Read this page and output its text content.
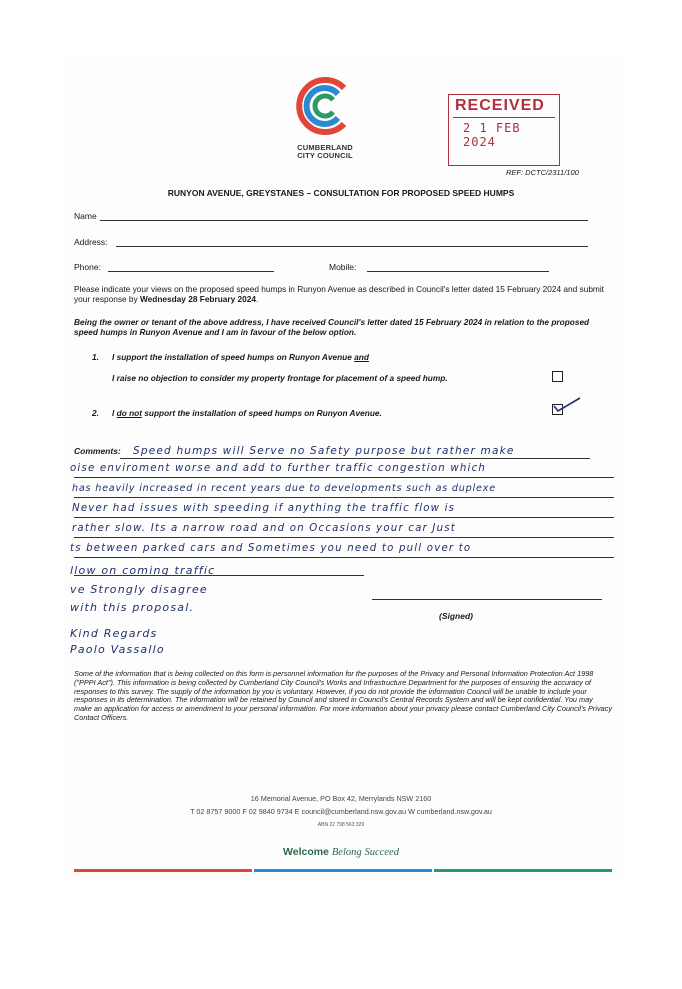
CUMBERLAND
CITY COUNCIL
RECEIVED
2 1 FEB 2024
REF: DCTC/2311/100
RUNYON AVENUE, GREYSTANES – CONSULTATION FOR PROPOSED SPEED HUMPS
Name
Address:
Phone:	Mobile:
Please indicate your views on the proposed speed humps in Runyon Avenue as described in Council's letter dated 15 February 2024 and submit your response by Wednesday 28 February 2024.
Being the owner or tenant of the above address, I have received Council's letter dated 15 February 2024 in relation to the proposed speed humps in Runyon Avenue and I am in favour of the below option.
1. I support the installation of speed humps on Runyon Avenue and
I raise no objection to consider my property frontage for placement of a speed hump.
2. I do not support the installation of speed humps on Runyon Avenue.
Comments: Speed humps will Serve no Safety purpose but rather make
oise enviroment worse and add to further traffic congestion which
has heavily increased in recent years due to developments such as duplexe
Never had issues with speeding if anything the traffic flow is
rather slow. Its a narrow road and on Occasions your car Just
ts between parked cars and Sometimes you need to pull over to
llow on coming traffic
ve Strongly disagree
with this proposal.
Kind Regards
Paolo Vassallo
(Signed)
Some of the information that is being collected on this form is personnel information for the purposes of the Privacy and Personal Information Protection Act 1998 ("PPPI Act"). This information is being collected by Cumberland City Council's Works and Infrastructure Department for the purposes of ensuring the accuracy of responses to this survey. The supply of the information by you is voluntary. However, if you do not provide the information Council will be unable to include your responses in its determination. The information will be retained by Council and stored in Council's Central Records System and will be kept confidential. You may make an application for access or amendment to your personal information. For more information about your privacy please contact Cumberland City Council's Privacy Contact Officers.
16 Memorial Avenue, PO Box 42, Merrylands NSW 2160
T 02 8757 9000 F 02 9840 9734 E council@cumberland.nsw.gov.au W cumberland.nsw.gov.au
ABN 22 798 563 329
Welcome Belong Succeed
